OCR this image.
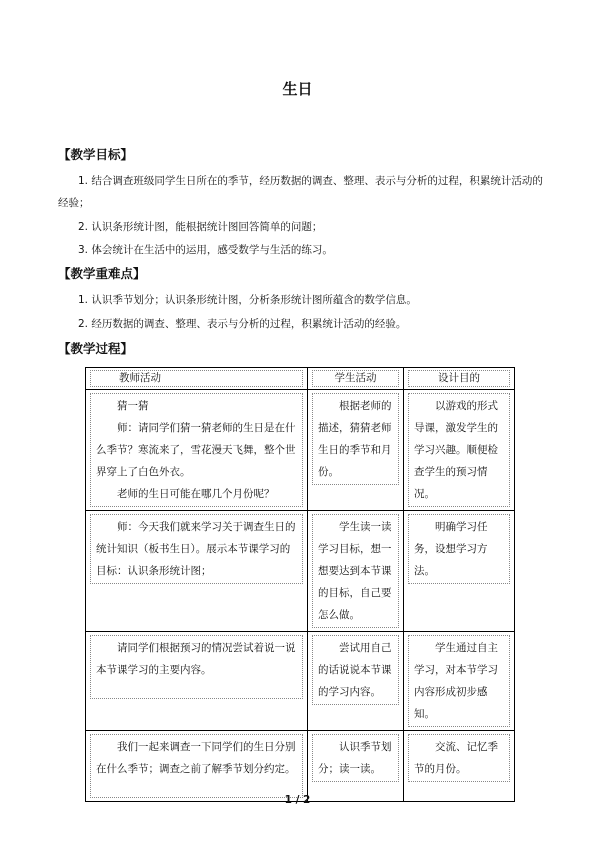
生日
【教学目标】
1. 结合调查班级同学生日所在的季节，经历数据的调查、整理、表示与分析的过程，积累统计活动的经验；
2. 认识条形统计图，能根据统计图回答简单的问题；
3. 体会统计在生活中的运用，感受数学与生活的练习。
【教学重难点】
1. 认识季节划分；认识条形统计图，分析条形统计图所蕴含的数学信息。
2. 经历数据的调查、整理、表示与分析的过程，积累统计活动的经验。
【教学过程】
教师活动	学生活动	设计目的

猜一猜
师：请同学们猜一猜老师的生日是在什么季节？寒流来了，雪花漫天飞舞，整个世界穿上了白色外衣。
老师的生日可能在哪几个月份呢？	根据老师的描述，猜猜老师生日的季节和月份。	以游戏的形式导课，激发学生的学习兴趣。顺便检查学生的预习情况。

师：今天我们就来学习关于调查生日的统计知识（板书生日）。展示本节课学习的目标：认识条形统计图；	学生读一读学习目标，想一想要达到本节课的目标，自己要怎么做。	明确学习任务，设想学习方法。

请同学们根据预习的情况尝试着说一说本节课学习的主要内容。	尝试用自己的话说说本节课的学习内容。	学生通过自主学习，对本节学习内容形成初步感知。

我们一起来调查一下同学们的生日分别在什么季节；调查之前了解季节划分约定。	认识季节划分；读一读。	交流、记忆季节的月份。
1 / 2
